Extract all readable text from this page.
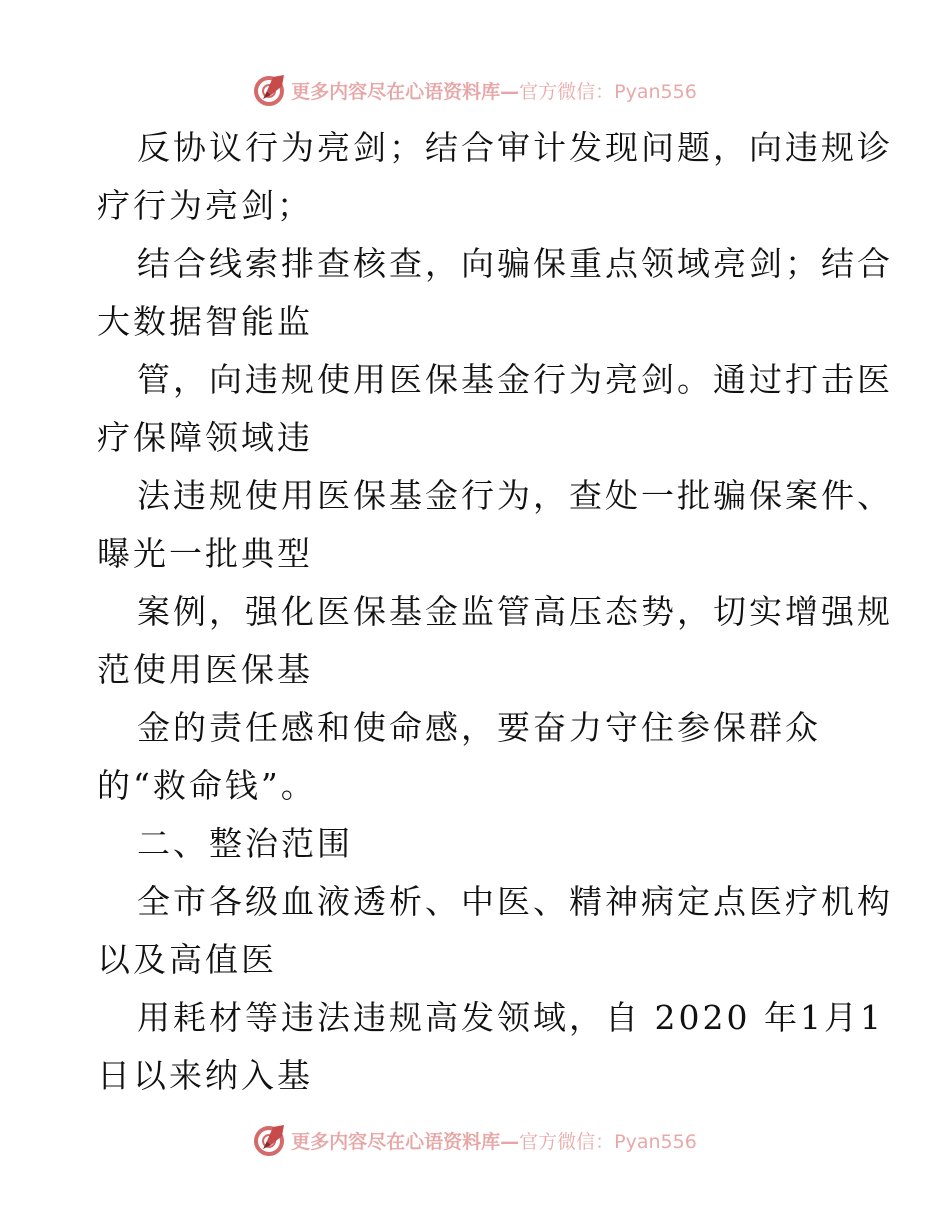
更多内容尽在心语资料库—官方微信：Pyan556
反协议行为亮剑；结合审计发现问题，向违规诊
疗行为亮剑；
结合线索排查核查，向骗保重点领域亮剑；结合
大数据智能监
管，向违规使用医保基金行为亮剑。通过打击医
疗保障领域违
法违规使用医保基金行为，查处一批骗保案件、
曝光一批典型
案例，强化医保基金监管高压态势，切实增强规
范使用医保基
金的责任感和使命感，要奋力守住参保群众
的“救命钱”。
二、整治范围
全市各级血液透析、中医、精神病定点医疗机构
以及高值医
用耗材等违法违规高发领域，自 2020 年1月1
日以来纳入基
更多内容尽在心语资料库—官方微信：Pyan556
